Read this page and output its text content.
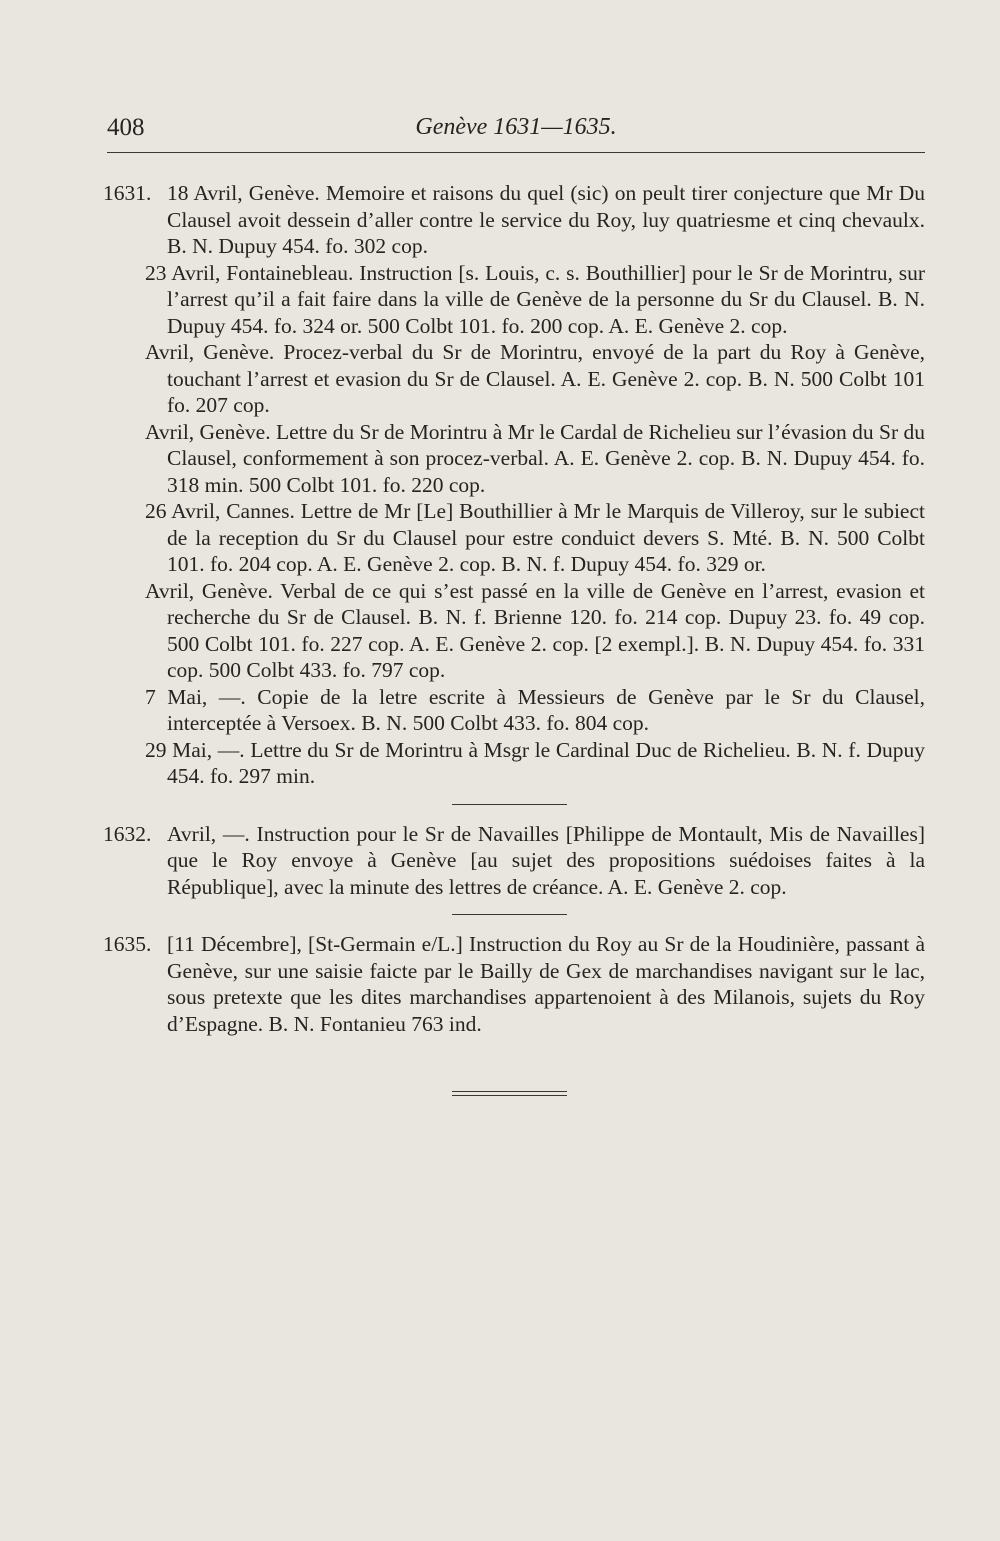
408	Genève 1631—1635.
1631. 18 Avril, Genève. Memoire et raisons du quel (sic) on peult tirer conjecture que Mr Du Clausel avoit dessein d’aller contre le service du Roy, luy quatriesme et cinq chevaulx. B. N. Dupuy 454. fo. 302 cop.

23 Avril, Fontainebleau. Instruction [s. Louis, c. s. Bouthillier] pour le Sr de Morintru, sur l’arrest qu’il a fait faire dans la ville de Genève de la personne du Sr du Clausel. B. N. Dupuy 454. fo. 324 or. 500 Colbt 101. fo. 200 cop. A. E. Genève 2. cop.

Avril, Genève. Procez-verbal du Sr de Morintru, envoyé de la part du Roy à Genève, touchant l’arrest et evasion du Sr de Clausel. A. E. Genève 2. cop. B. N. 500 Colbt 101 fo. 207 cop.

Avril, Genève. Lettre du Sr de Morintru à Mr le Cardal de Richelieu sur l’évasion du Sr du Clausel, conformement à son procez-verbal. A. E. Genève 2. cop. B. N. Dupuy 454. fo. 318 min. 500 Colbt 101. fo. 220 cop.

26 Avril, Cannes. Lettre de Mr [Le] Bouthillier à Mr le Marquis de Villeroy, sur le subiect de la reception du Sr du Clausel pour estre conduict devers S. Mté. B. N. 500 Colbt 101. fo. 204 cop. A. E. Genève 2. cop. B. N. f. Dupuy 454. fo. 329 or.

Avril, Genève. Verbal de ce qui s’est passé en la ville de Genève en l’arrest, evasion et recherche du Sr de Clausel. B. N. f. Brienne 120. fo. 214 cop. Dupuy 23. fo. 49 cop. 500 Colbt 101. fo. 227 cop. A. E. Genève 2. cop. [2 exempl.]. B. N. Dupuy 454. fo. 331 cop. 500 Colbt 433. fo. 797 cop.

7 Mai, —. Copie de la letre escrite à Messieurs de Genève par le Sr du Clausel, interceptée à Versoex. B. N. 500 Colbt 433. fo. 804 cop.

29 Mai, —. Lettre du Sr de Morintru à Msgr le Cardinal Duc de Richelieu. B. N. f. Dupuy 454. fo. 297 min.

1632. Avril, —. Instruction pour le Sr de Navailles [Philippe de Montault, Mis de Navailles] que le Roy envoye à Genève [au sujet des propositions suédoises faites à la République], avec la minute des lettres de créance. A. E. Genève 2. cop.

1635. [11 Décembre], [St-Germain e/L.] Instruction du Roy au Sr de la Houdinière, passant à Genève, sur une saisie faicte par le Bailly de Gex de marchandises navigant sur le lac, sous pretexte que les dites marchandises appartenoient à des Milanois, sujets du Roy d’Espagne. B. N. Fontanieu 763 ind.
